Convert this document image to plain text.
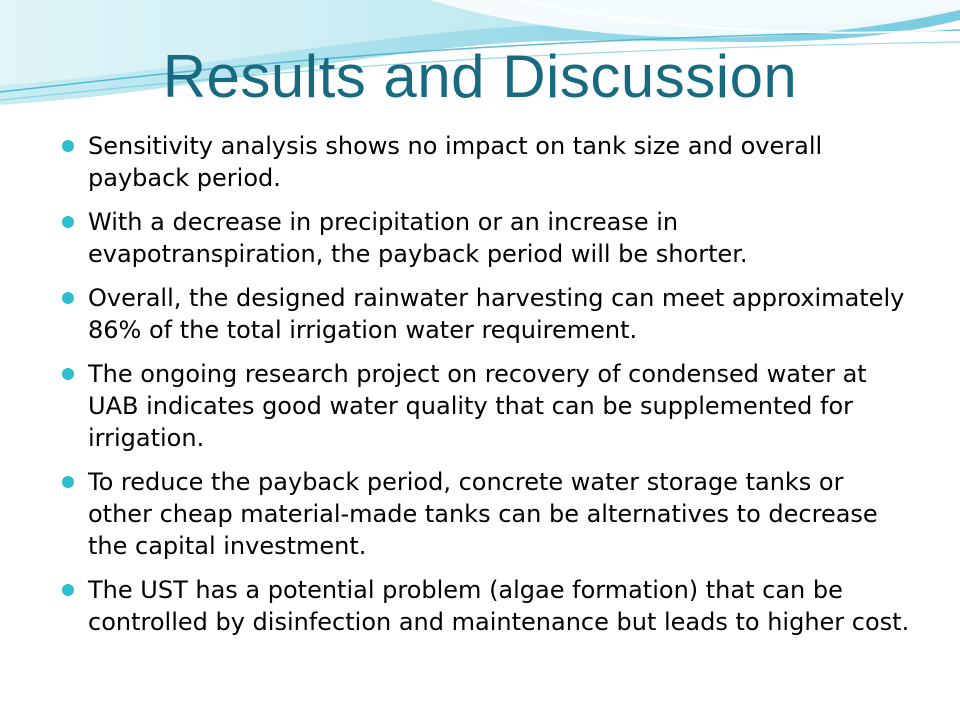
Results and Discussion
Sensitivity analysis shows no impact on tank size and overall payback period.
With a decrease in precipitation or an increase in evapotranspiration, the payback period will be shorter.
Overall, the designed rainwater harvesting can meet approximately 86% of the total irrigation water requirement.
The ongoing research project on recovery of condensed water at UAB indicates good water quality that can be supplemented for irrigation.
To reduce the payback period, concrete water storage tanks or other cheap material-made tanks can be alternatives to decrease the capital investment.
The UST has a potential problem (algae formation) that can be controlled by disinfection and maintenance but leads to higher cost.
